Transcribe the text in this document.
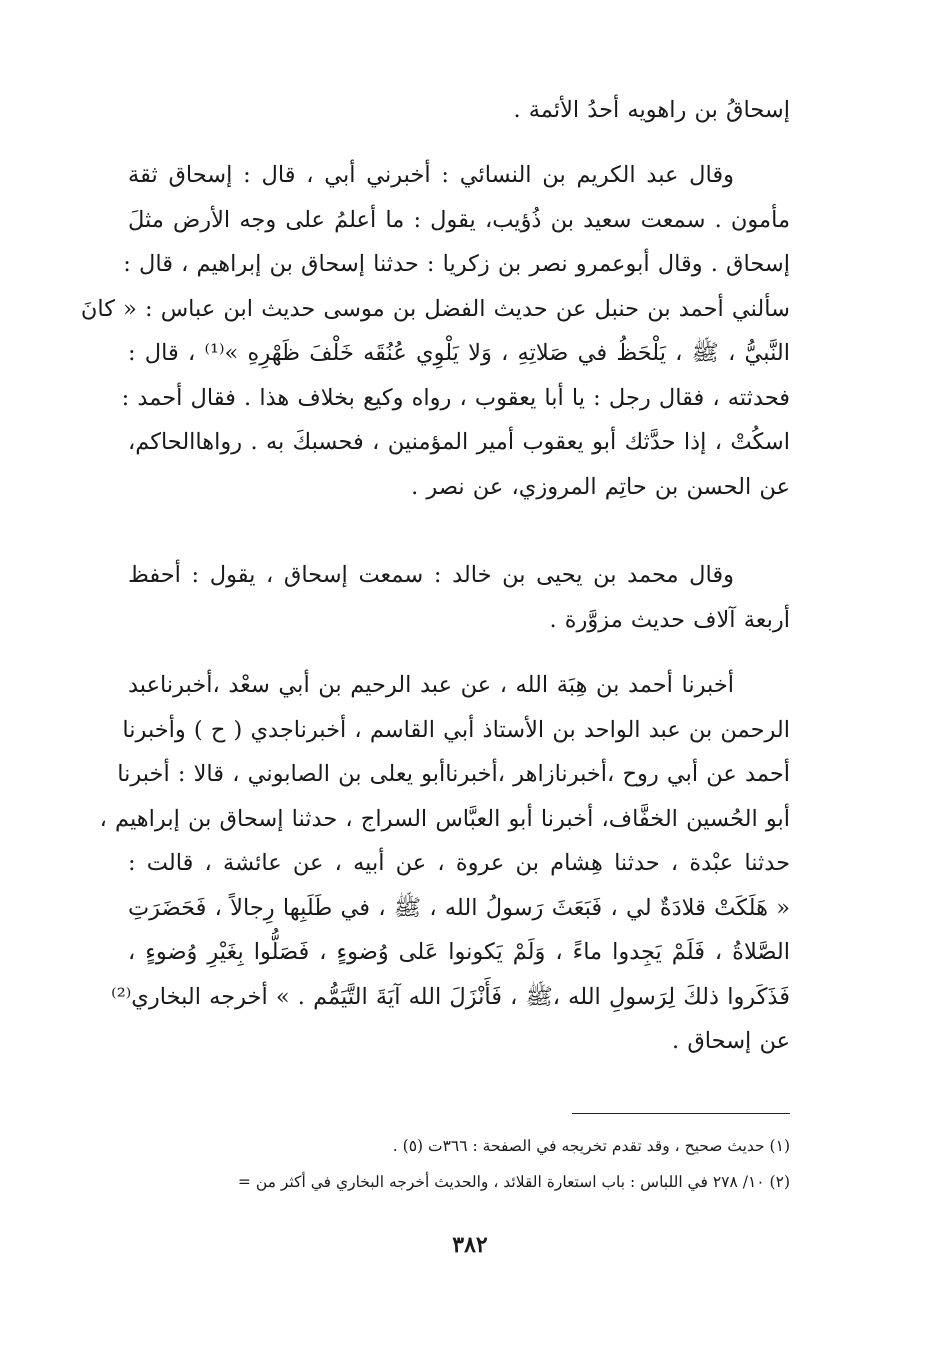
إسحاقُ بن راهويه أحدُ الأئمة .
وقال عبد الكريم بن النسائي : أخبرني أبي ، قال : إسحاق ثقة
مأمون . سمعت سعيد بن ذُؤيب، يقول : ما أعلمُ على وجه الأرض مثلَ
إسحاق . وقال أبوعمرو نصر بن زكريا : حدثنا إسحاق بن إبراهيم ، قال :
سألني أحمد بن حنبل عن حديث الفضل بن موسى حديث ابن عباس : « كانَ
النَّبيُّ ، ﷺ ، يَلْحَظُ في صَلاتِهِ ، وَلا يَلْوِي عُنُقَه خَلْفَ ظَهْرِهِ »⁽¹⁾ ، قال :
فحدثته ، فقال رجل : يا أبا يعقوب ، رواه وكيع بخلاف هذا . فقال أحمد :
اسكُتْ ، إذا حدَّثك أبو يعقوب أمير المؤمنين ، فحسبكَ به . رواهاالحاكم،
عن الحسن بن حاتِم المروزي، عن نصر .
وقال محمد بن يحيى بن خالد : سمعت إسحاق ، يقول : أحفظ
أربعة آلاف حديث مزوَّرة .
أخبرنا أحمد بن هِبَة الله ، عن عبد الرحيم بن أبي سعْد ،أخبرناعبد
الرحمن بن عبد الواحد بن الأستاذ أبي القاسم ، أخبرناجدي ( ح ) وأخبرنا
أحمد عن أبي روح ،أخبرنازاهر ،أخبرناأبو يعلى بن الصابوني ، قالا : أخبرنا
أبو الحُسين الخفَّاف، أخبرنا أبو العبَّاس السراج ، حدثنا إسحاق بن إبراهيم ،
حدثنا عبْدة ، حدثنا هِشام بن عروة ، عن أبيه ، عن عائشة ، قالت :
« هَلَكَتْ قلادَةٌ لي ، فَبَعَثَ رَسولُ الله ، ﷺ ، في طَلَبِها رِجالاً ، فَحَضَرَتِ
الصَّلاةُ ، فَلَمْ يَجِدوا ماءً ، وَلَمْ يَكونوا عَلى وُضوءٍ ، فَصَلُّوا بِغَيْرِ وُضوءٍ ،
فَذَكَروا ذلكَ لِرَسولِ الله ،ﷺ ، فَأَنْزَلَ الله آيَةَ التَّيَمُّم . » أخرجه البخاري⁽²⁾
عن إسحاق .
(١) حديث صحيح ، وقد تقدم تخريجه في الصفحة : ٣٦٦ت (٥) .
(٢) ١٠/ ٢٧٨ في اللباس : باب استعارة القلائد ، والحديث أخرجه البخاري في أكثر من =
٣٨٢
